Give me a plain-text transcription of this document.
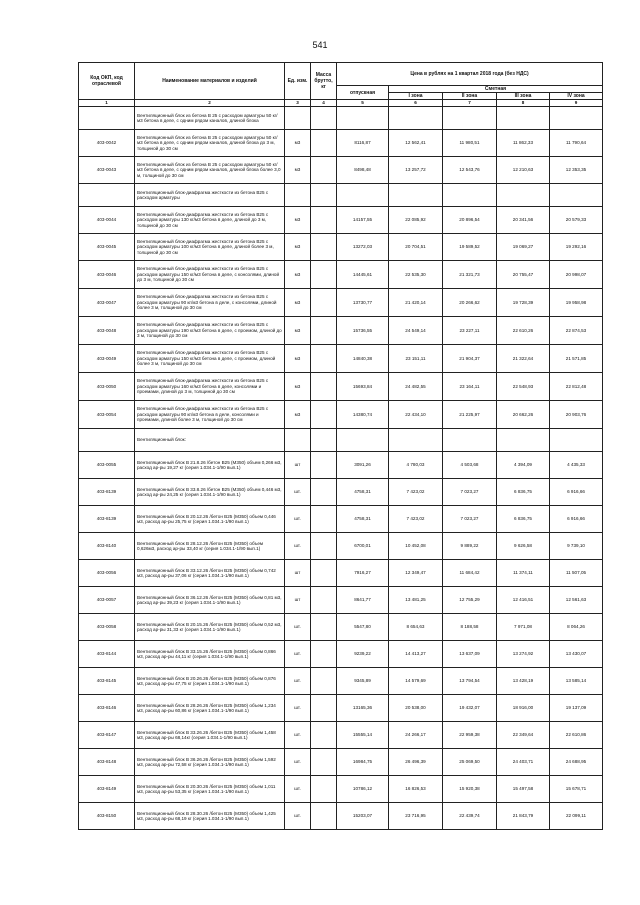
541
Код ОКП, код отраслевой	Наименование материалов и изделий	Ед. изм.	Масса брутто, кг	Цена в рублях на 1 квартал 2018 года (без НДС)				
				отпускная	Сметная			
					I зона	II зона	III зона	IV зона
1	2	3	4	5	6	7	8	9
	Вентиляционный блок из бетона В 25 с расходом арматуры 50 кг/м3 бетона в деле, с одним рядом каналов, длиной блока							
403-0042	Вентиляционный блок из бетона В 25 с расходом арматуры 50 кг/м3 бетона в деле, с одним рядом каналов, длиной блока до 3 м, толщиной до 30 см	м3		8116,87	12 562,41	11 980,51	11 862,33	11 790,64
403-0043	Вентиляционный блок из бетона В 25 с расходом арматуры 50 кг/м3 бетона в деле, с одним рядом каналов, длиной блока более 3,0 м, толщиной до 30 см	м3		8498,48	13 257,72	12 543,76	12 210,63	12 353,35
	Вентиляционный блок-диафрагма жесткости из бетона В25 с расходом арматуры							
403-0044	Вентиляционный блок-диафрагма жесткости из бетона В25 с расходом арматуры 130 кг/м3 бетона в деле, длиной до 3 м, толщиной до 30 см	м3		14157,55	22 085,92	20 896,54	20 341,56	20 579,33
403-0045	Вентиляционный блок-диафрагма жесткости из бетона В25 с расходом арматуры 100 кг/м3 бетона в деле, длиной более 3 м, толщиной до 30 см	м3		13272,03	20 704,51	19 589,52	19 069,27	19 292,16
403-0046	Вентиляционный блок-диафрагма жесткости из бетона В25 с расходом арматуры 150 кг/м3 бетона в деле, с консолями, длиной до 3 м, толщиной до 30 см	м3		14445,61	22 535,30	21 321,73	20 755,47	20 998,07
403-0047	Вентиляционный блок-диафрагма жесткости из бетона В25 с расходом арматуры 90 кг/м3 бетона в деле, с консолями, длиной более 3 м, толщиной до 30 см	м3		13730,77	21 420,14	20 266,62	19 728,39	19 958,98
403-0048	Вентиляционный блок-диафрагма жесткости из бетона В25 с расходом арматуры 190 кг/м3 бетона в деле, с проемом, длиной до 3 м, толщиной до 30 см	м3		15736,55	24 549,14	23 227,11	22 610,26	22 874,53
403-0049	Вентиляционный блок-диафрагма жесткости из бетона В25 с расходом арматуры 150 кг/м3 бетона в деле, с проемом, длиной более 3 м, толщиной до 30 см	м3		14840,38	23 151,11	21 904,37	21 322,64	21 571,85
403-0050	Вентиляционный блок-диафрагма жесткости из бетона В25 с расходом арматуры 160 кг/м3 бетона в деле, консолями и проемами, длиной до 3 м, толщиной до 30 см	м3		15693,84	24 482,55	23 164,11	22 548,93	22 812,48
403-0054	Вентиляционный блок-диафрагма жесткости из бетона В25 с расходом арматуры 90 кг/м3 бетона в деле, консолями и проемами, длиной более 3 м, толщиной до 30 см	м3		14380,74	22 434,10	21 225,97	20 662,26	20 903,76
	Вентиляционный блок:							
403-0055	Вентиляционный блок В 21.8.26 /бетон В25 (М350) объем 0,266 м3, расход ар-ры 19,27 кг (серия 1.034.1-1/90 вып.1)	шт		3091,26	4 780,03	4 503,68	4 394,09	4 435,33
403-8139	Вентиляционный блок В 33.8.26 /бетон В25 (М350) объем 0,446 м3, расход ар-ры 24,25 кг (серия 1.034.1-1/90 вып.1)	шт.		4758,31	7 423,02	7 023,27	6 836,75	6 916,66
403-8139	Вентиляционный блок В 20.12.26 /бетон В25 (М350) объем 0,446 м3, расход ар-ры 25,75 кг (серия 1.034.1-1/90 вып.1)	шт.		4758,31	7 423,02	7 023,27	6 836,75	6 916,66
403-8140	Вентиляционный блок В 28.12.26 /бетон В25 (М350) объем 0,626м3, расход ар-ры 33,40 кг (серия 1.034.1-1/90 вып.1)	шт.		6700,01	10 452,08	9 889,22	9 626,58	9 739,10
403-0056	Вентиляционный блок В 33.12.26 /бетон В25 (М350) объем 0,742 м3, расход ар-ры 37,06 кг (серия 1.034.1-1/90 вып.1)	шт		7916,27	12 349,47	11 684,42	11 374,11	11 507,05
403-0057	Вентиляционный блок В 36.12.26 /бетон В25 (М350) объем 0,81 м3, расход ар-ры 39,23 кг (серия 1.034.1-1/90 вып.1)	шт		8641,77	13 481,25	12 755,29	12 416,51	12 561,63
403-0058	Вентиляционный блок В 20.15.26 /бетон В25 (М350) объем 0,52 м3, расход ар-ры 31,33 кг (серия 1.034.1-1/90 вып.1)	шт.		5547,80	8 654,63	8 188,58	7 971,08	8 064,26
403-8144	Вентиляционный блок В 33.15.26 /бетон В25 (М350) объем 0,866 м3, расход ар-ры 44,11 кг (серия 1.034.1-1/90 вып.1)	шт.		9239,22	14 413,27	13 637,09	13 274,92	13 430,07
403-8145	Вентиляционный блок В 20.26.26 /бетон В25 (М350) объем 0,876 м3, расход ар-ры 47,75 кг (серия 1.034.1-1/90 вып.1)	шт.		9345,89	14 579,69	13 794,54	13 428,19	13 585,14
403-8146	Вентиляционный блок В 28.26.26 /бетон В25 (М350) объем 1,234 м3, расход ар-ры 60,86 кг (серия 1.034.1-1/90 вып.1)	шт.		13165,36	20 538,00	19 432,07	18 916,00	19 137,09
403-8147	Вентиляционный блок В 33.26.26 /бетон В25 (М350) объем 1,458 м3, расход ар-ры 68,14кг (серия 1.034.1-1/90 вып.1)	шт.		15555,14	24 266,17	22 959,38	22 349,64	22 610,86
403-8148	Вентиляционный блок В 36.26.26 /бетон В25 (М350) объем 1,592 м3, расход ар-ры 72,58 кг (серия 1.034.1-1/90 вып.1)	шт.		16984,75	26 496,39	25 069,50	24 403,71	24 688,95
403-8149	Вентиляционный блок В 20.30.26 /бетон В25 (М350) объем 1,011 м3, расход ар-ры 53,35 кг (серия 1.034.1-1/90 вып.1)	шт.		10786,12	16 826,53	15 920,38	15 497,58	15 678,71
403-8150	Вентиляционный блок В 28.30.26 /бетон В25 (М350) объем 1,425 м3, расход ар-ры 68,19 кг (серия 1.034.1-1/90 вып.1)	шт.		15203,07	23 716,95	22 439,74	21 843,79	22 099,11
